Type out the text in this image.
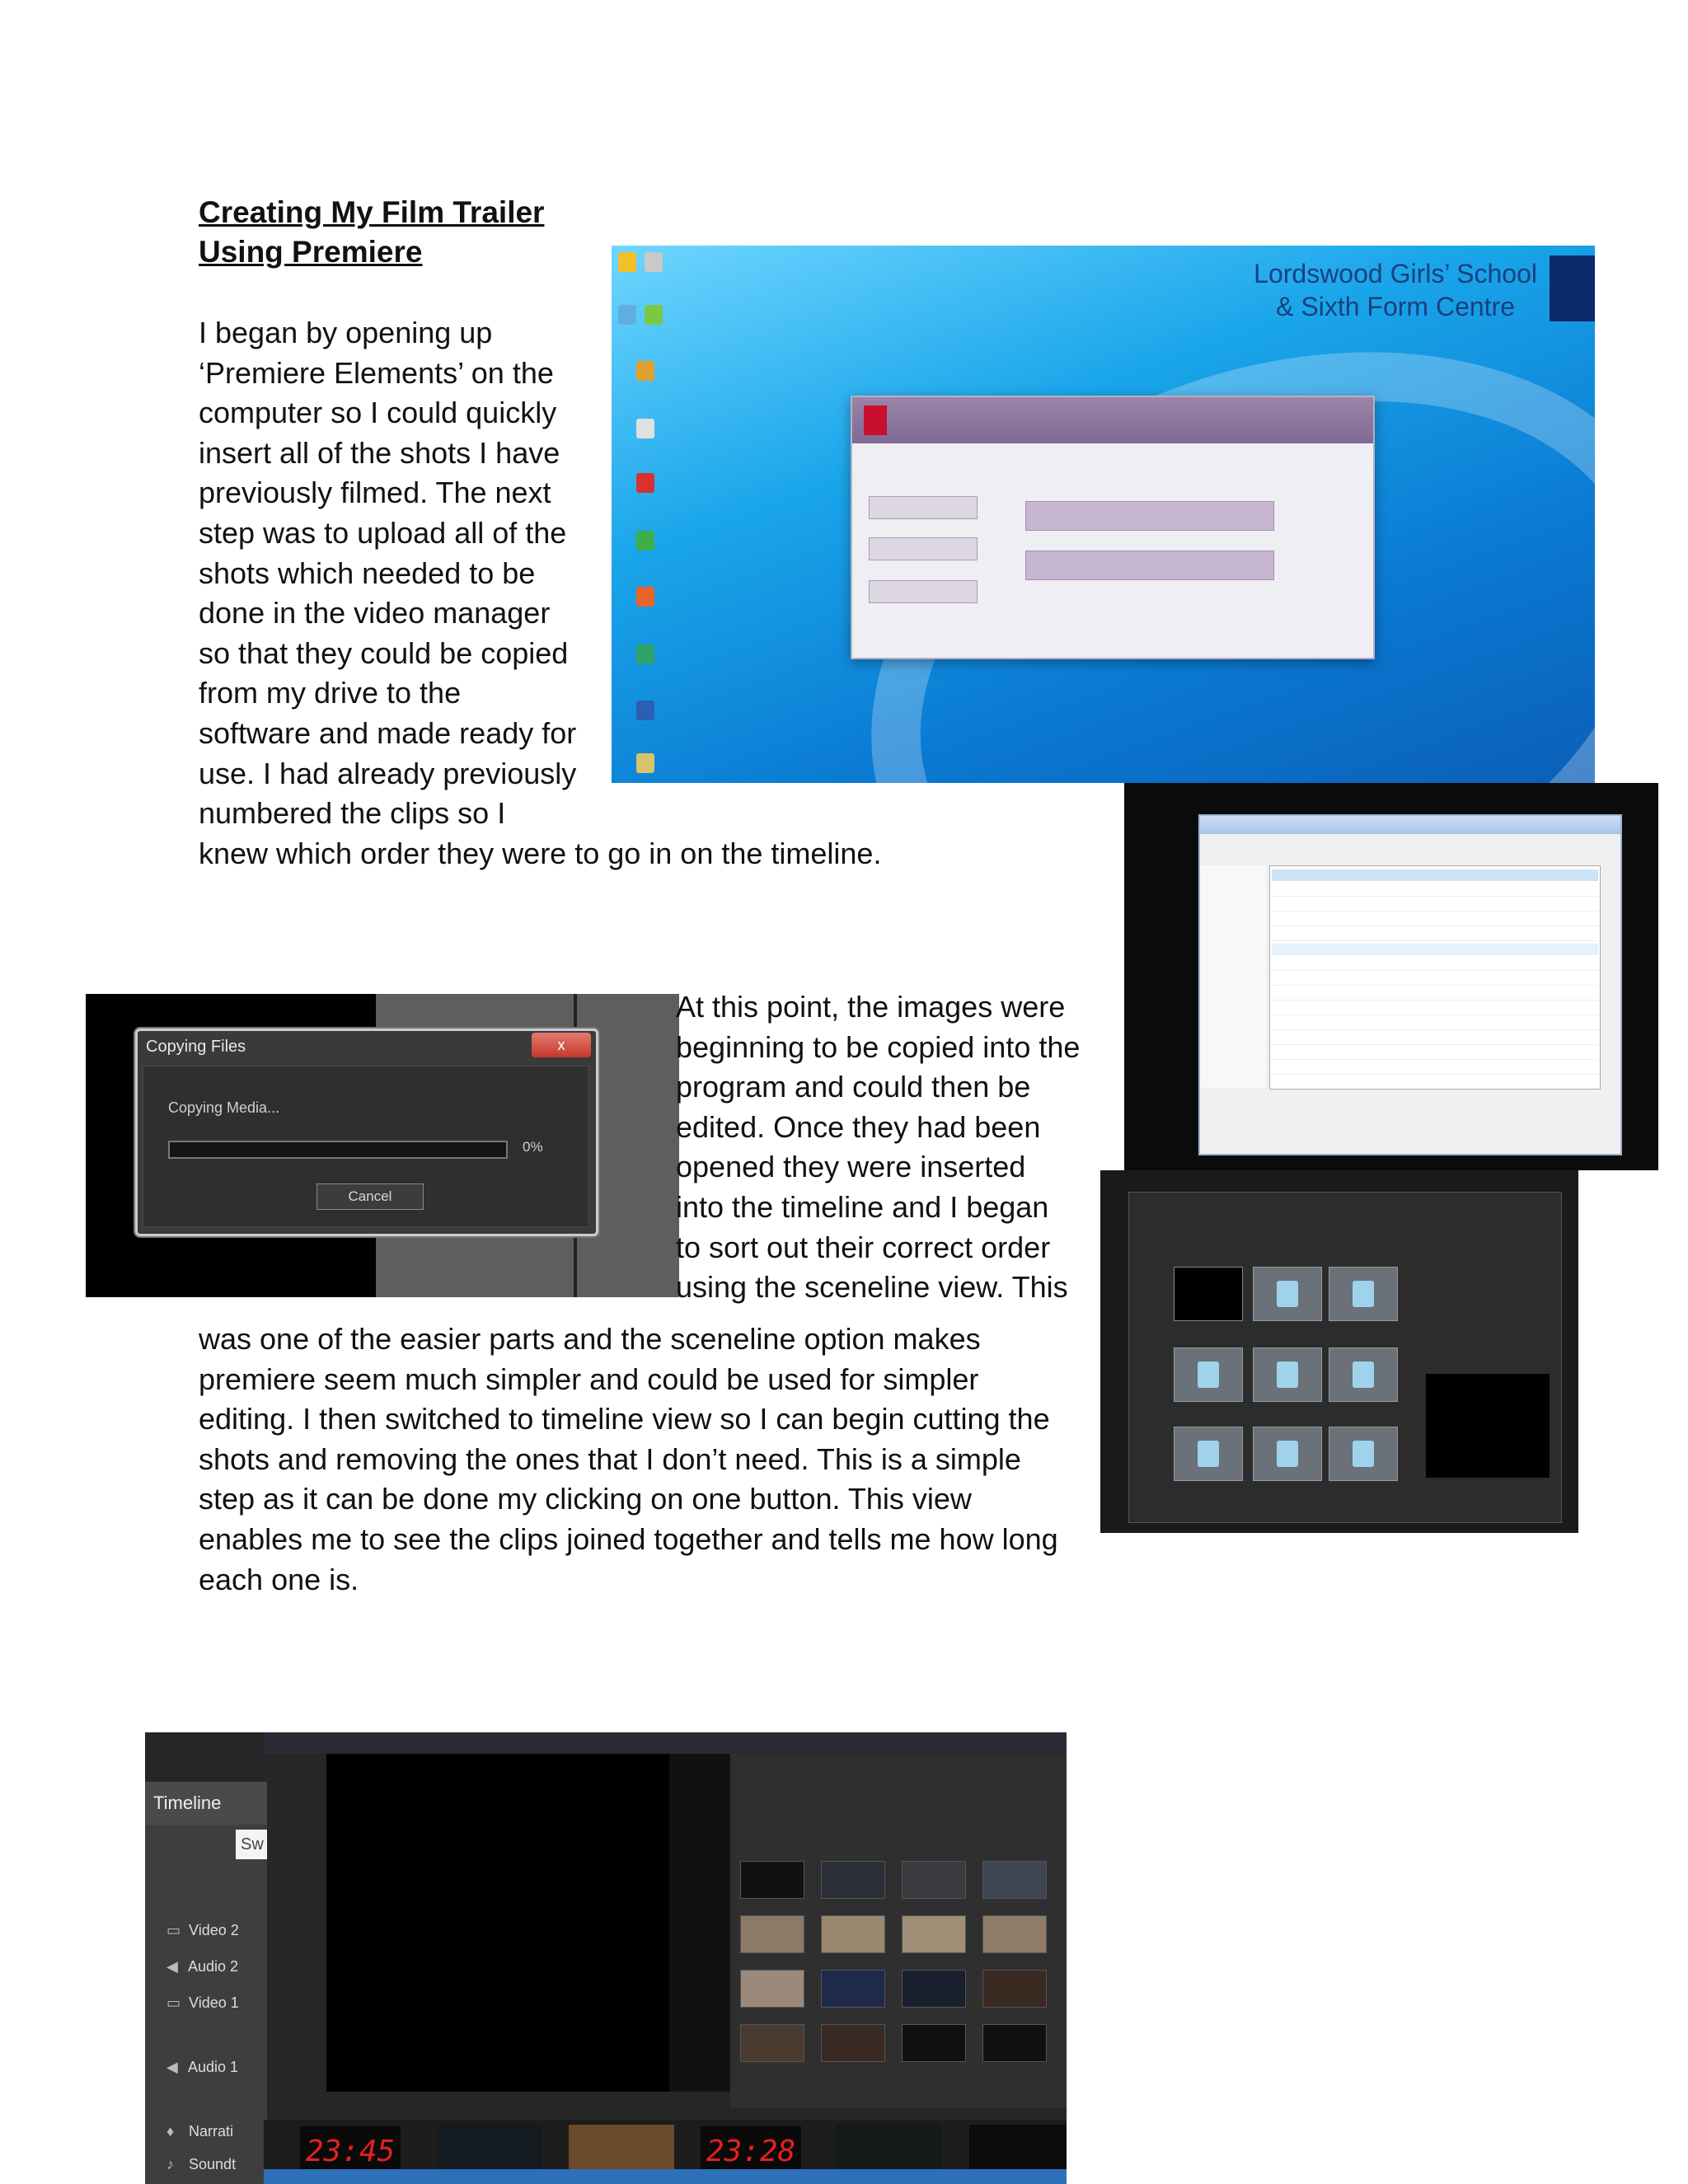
Creating My Film Trailer
Using Premiere
I began by opening up
‘Premiere Elements’ on the
computer so I could quickly
insert all of the shots I have
previously filmed. The next
step was to upload all of the
shots which needed to be
done in the video manager
so that they could be copied
from my drive to the
software and made ready for
use. I had already previously
numbered the clips so I
knew which order they were to go in on the timeline.
Lordswood Girls’ School
& Sixth Form Centre
Copying Files	x
Copying Media...
0%
Cancel
At this point, the images were
beginning to be copied into the
program and could then be
edited. Once they had been
opened they were inserted
into the timeline and I began
to sort out their correct order
using the sceneline view. This
was one of the easier parts and the sceneline option makes
premiere seem much simpler and could be used for simpler
editing. I then switched to timeline view so I can begin cutting the
shots and removing the ones that I don’t need. This is a simple
step as it can be done my clicking on one button. This view
enables me to see the clips joined together and tells me how long
each one is.
Timeline
Sw
▭ Video 2
◀ Audio 2
▭ Video 1
◀ Audio 1
♦ Narrati
♪ Soundt 23:45	23:28
